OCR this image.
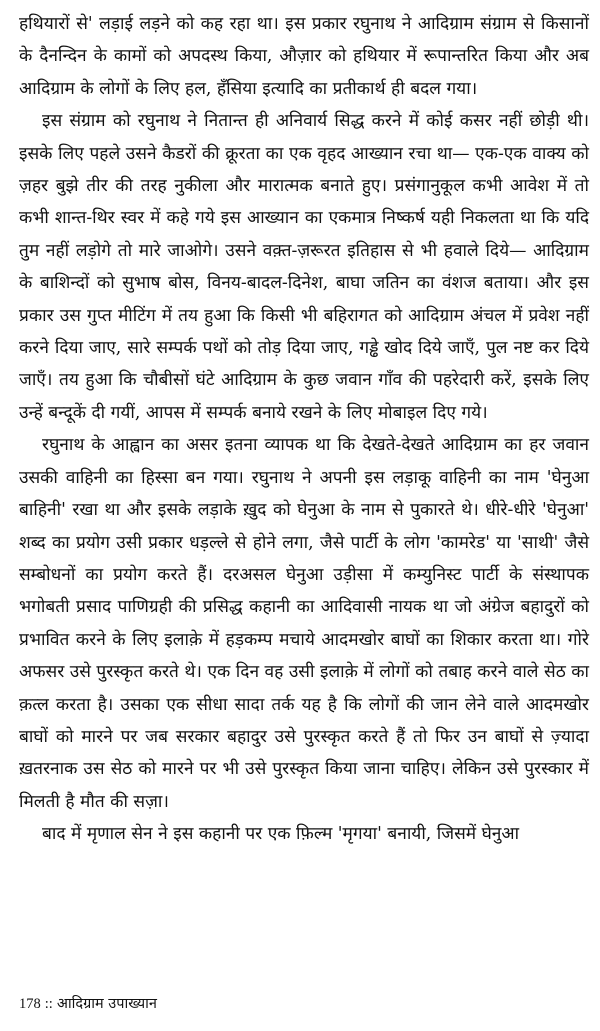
हथियारों से' लड़ाई लड़ने को कह रहा था। इस प्रकार रघुनाथ ने आदिग्राम संग्राम से किसानों के दैनन्दिन के कामों को अपदस्थ किया, औज़ार को हथियार में रूपान्तरित किया और अब आदिग्राम के लोगों के लिए हल, हँसिया इत्यादि का प्रतीकार्थ ही बदल गया।

इस संग्राम को रघुनाथ ने नितान्त ही अनिवार्य सिद्ध करने में कोई कसर नहीं छोड़ी थी। इसके लिए पहले उसने कैडरों की क्रूरता का एक वृहद आख्यान रचा था— एक-एक वाक्य को ज़हर बुझे तीर की तरह नुकीला और मारात्मक बनाते हुए। प्रसंगानुकूल कभी आवेश में तो कभी शान्त-थिर स्वर में कहे गये इस आख्यान का एकमात्र निष्कर्ष यही निकलता था कि यदि तुम नहीं लड़ोगे तो मारे जाओगे। उसने वक़्त-ज़रूरत इतिहास से भी हवाले दिये— आदिग्राम के बाशिन्दों को सुभाष बोस, विनय-बादल-दिनेश, बाघा जतिन का वंशज बताया। और इस प्रकार उस गुप्त मीटिंग में तय हुआ कि किसी भी बहिरागत को आदिग्राम अंचल में प्रवेश नहीं करने दिया जाए, सारे सम्पर्क पथों को तोड़ दिया जाए, गड्ढे खोद दिये जाएँ, पुल नष्ट कर दिये जाएँ। तय हुआ कि चौबीसों घंटे आदिग्राम के कुछ जवान गाँव की पहरेदारी करें, इसके लिए उन्हें बन्दूकें दी गयीं, आपस में सम्पर्क बनाये रखने के लिए मोबाइल दिए गये।

रघुनाथ के आह्वान का असर इतना व्यापक था कि देखते-देखते आदिग्राम का हर जवान उसकी वाहिनी का हिस्सा बन गया। रघुनाथ ने अपनी इस लड़ाकू वाहिनी का नाम 'घेनुआ बाहिनी' रखा था और इसके लड़ाके ख़ुद को घेनुआ के नाम से पुकारते थे। धीरे-धीरे 'घेनुआ' शब्द का प्रयोग उसी प्रकार धड़ल्ले से होने लगा, जैसे पार्टी के लोग 'कामरेड' या 'साथी' जैसे सम्बोधनों का प्रयोग करते हैं। दरअसल घेनुआ उड़ीसा में कम्युनिस्ट पार्टी के संस्थापक भगोबती प्रसाद पाणिग्रही की प्रसिद्ध कहानी का आदिवासी नायक था जो अंग्रेज बहादुरों को प्रभावित करने के लिए इलाक़े में हड़कम्प मचाये आदमखोर बाघों का शिकार करता था। गोरे अफसर उसे पुरस्कृत करते थे। एक दिन वह उसी इलाक़े में लोगों को तबाह करने वाले सेठ का क़त्ल करता है। उसका एक सीधा सादा तर्क यह है कि लोगों की जान लेने वाले आदमखोर बाघों को मारने पर जब सरकार बहादुर उसे पुरस्कृत करते हैं तो फिर उन बाघों से ज़्यादा ख़तरनाक उस सेठ को मारने पर भी उसे पुरस्कृत किया जाना चाहिए। लेकिन उसे पुरस्कार में मिलती है मौत की सज़ा।

बाद में मृणाल सेन ने इस कहानी पर एक फ़िल्म 'मृगया' बनायी, जिसमें घेनुआ

178 :: आदिग्राम उपाख्यान
